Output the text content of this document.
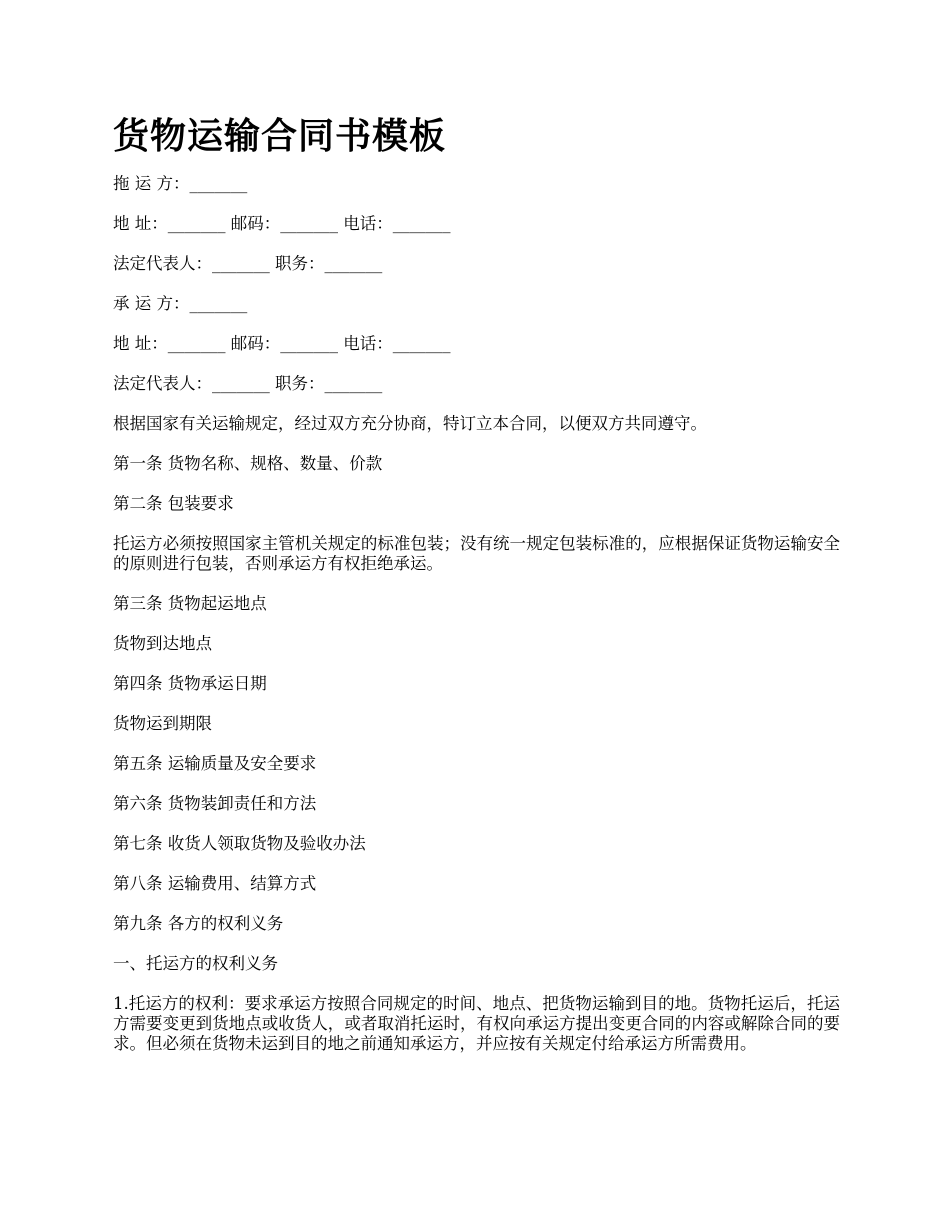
货物运输合同书模板
拖 运 方：_______
地 址：_______ 邮码：_______ 电话：_______
法定代表人：_______ 职务：_______
承 运 方：_______
地 址：_______ 邮码：_______ 电话：_______
法定代表人：_______ 职务：_______
根据国家有关运输规定，经过双方充分协商，特订立本合同，以便双方共同遵守。
第一条 货物名称、规格、数量、价款
第二条 包装要求
托运方必须按照国家主管机关规定的标准包装；没有统一规定包装标准的，应根据保证货物运输安全的原则进行包装，否则承运方有权拒绝承运。
第三条 货物起运地点
货物到达地点
第四条 货物承运日期
货物运到期限
第五条 运输质量及安全要求
第六条 货物装卸责任和方法
第七条 收货人领取货物及验收办法
第八条 运输费用、结算方式
第九条 各方的权利义务
一、托运方的权利义务
1.托运方的权利：要求承运方按照合同规定的时间、地点、把货物运输到目的地。货物托运后，托运方需要变更到货地点或收货人，或者取消托运时，有权向承运方提出变更合同的内容或解除合同的要求。但必须在货物未运到目的地之前通知承运方，并应按有关规定付给承运方所需费用。
